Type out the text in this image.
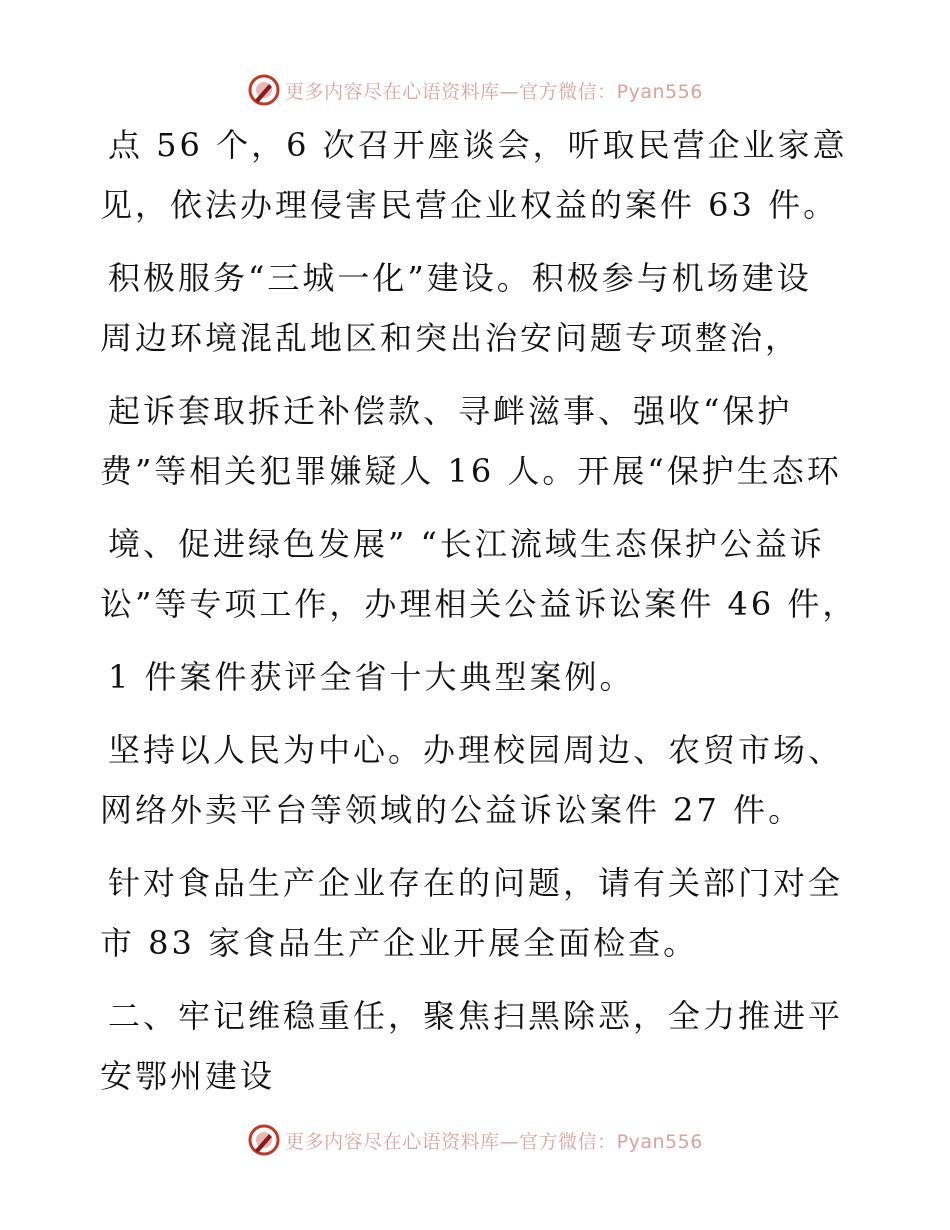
更多内容尽在心语资料库—官方微信：Pyan556
点 56 个，6 次召开座谈会，听取民营企业家意
见，依法办理侵害民营企业权益的案件 63 件。
积极服务“三城一化”建设。积极参与机场建设
周边环境混乱地区和突出治安问题专项整治，
起诉套取拆迁补偿款、寻衅滋事、强收“保护
费”等相关犯罪嫌疑人 16 人。开展“保护生态环
境、促进绿色发展” “长江流域生态保护公益诉
讼”等专项工作，办理相关公益诉讼案件 46 件，
1 件案件获评全省十大典型案例。
坚持以人民为中心。办理校园周边、农贸市场、
网络外卖平台等领域的公益诉讼案件 27 件。
针对食品生产企业存在的问题，请有关部门对全
市 83 家食品生产企业开展全面检查。
二、牢记维稳重任，聚焦扫黑除恶，全力推进平
安鄂州建设
更多内容尽在心语资料库—官方微信：Pyan556
